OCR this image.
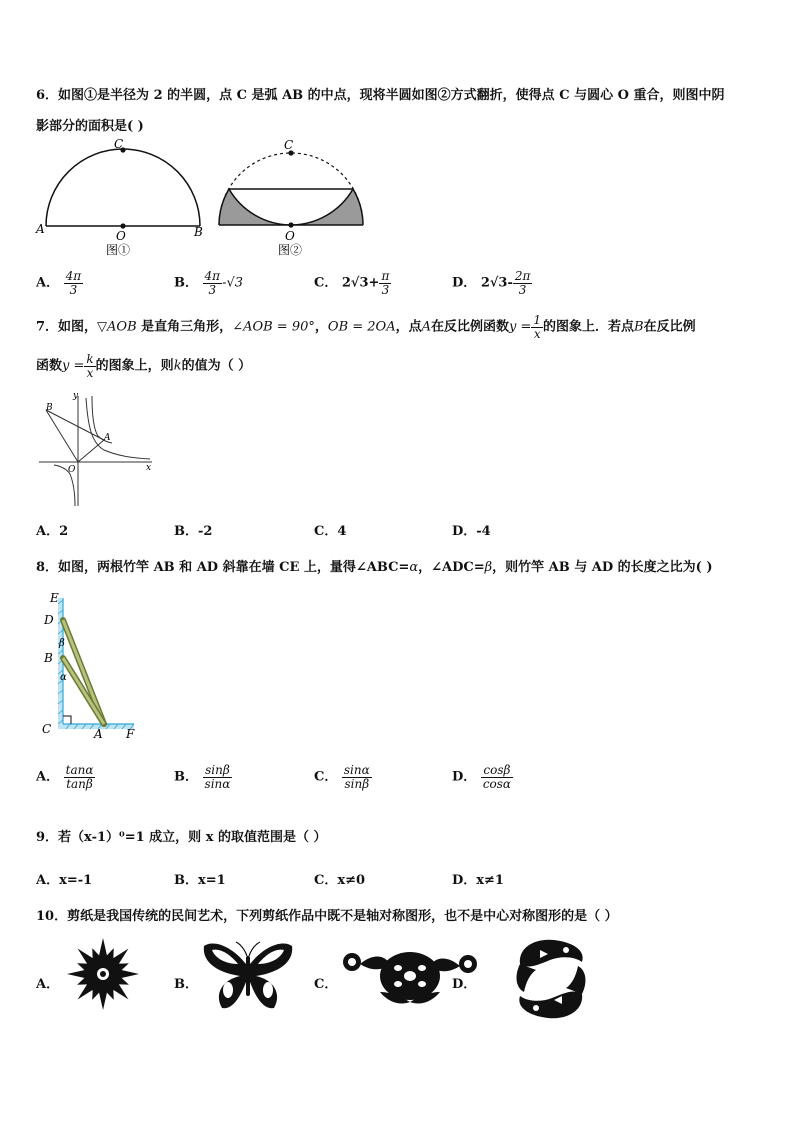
6．如图①是半径为 2 的半圆，点 C 是弧 AB 的中点，现将半圆如图②方式翻折，使得点 C 与圆心 O 重合，则图中阴
影部分的面积是( )
C
A	B
O
图①
C
O
图②
A． $\frac{4\pi}{3}$	B． $\frac{4\pi}{3} -√3$	C． $2√3+ \frac{\pi}{3}$	D． $2√3- \frac{2\pi}{3}$
7．如图，▽AOB 是直角三角形，∠AOB = 90°，OB = 2OA，点A在反比例函数$y = \frac{1}{x}$ 的图象上．若点B在反比例
函数$y = \frac{k}{x}$ 的图象上，则k的值为（ ）
B
y
A
O	x
A．2	B．-2	C．4	D．-4
8．如图，两根竹竿 AB 和 AD 斜靠在墙 CE 上，量得∠ABC=α，∠ADC=β，则竹竿 AB 与 AD 的长度之比为( )
E
D
B
C	A F
β
α
A． $\frac{\tan\alpha}{\tan\beta}$	B． $\frac{\sin\beta}{\sin\alpha}$	C． $\frac{\sin\alpha}{\sin\beta}$	D． $\frac{\cos\beta}{\cos\alpha}$
9．若（x-1）⁰=1 成立，则 x 的取值范围是（ ）
A．x=-1	B．x=1	C．x≠0	D．x≠1
10．剪纸是我国传统的民间艺术，下列剪纸作品中既不是轴对称图形，也不是中心对称图形的是（ ）
A．	B．	C．	D．
